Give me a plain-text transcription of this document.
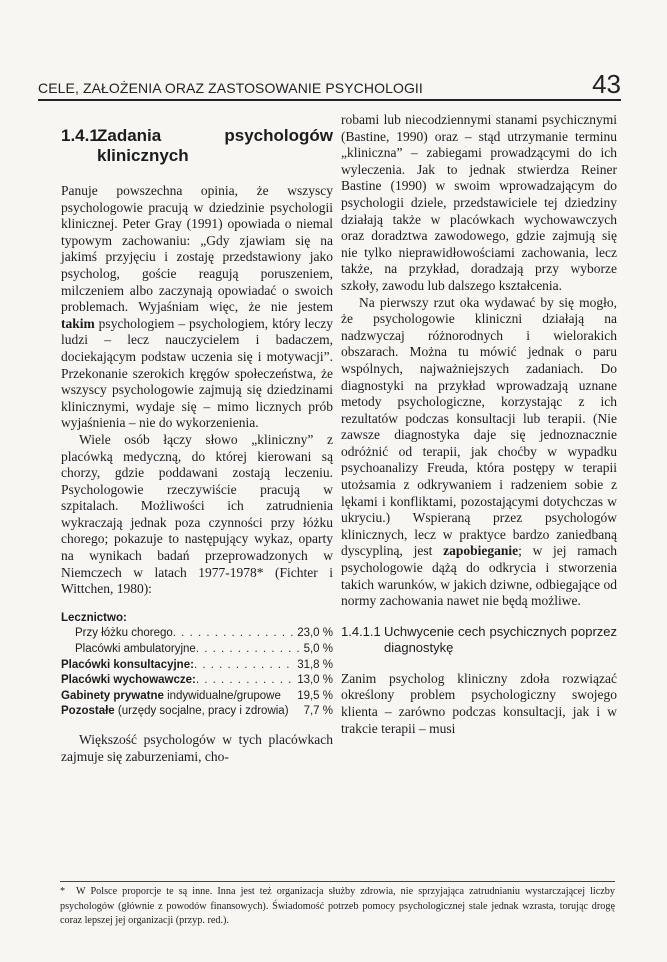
CELE, ZAŁOŻENIA ORAZ ZASTOSOWANIE PSYCHOLOGII	43
1.4.1
Zadania psychologów klinicznych

Panuje powszechna opinia, że wszyscy psychologowie pracują w dziedzinie psychologii klinicznej. Peter Gray (1991) opowiada o niemal typowym zachowaniu: „Gdy zjawiam się na jakimś przyjęciu i zostaję przedstawiony jako psycholog, goście reagują poruszeniem, milczeniem albo zaczynają opowiadać o swoich problemach. Wyjaśniam więc, że nie jestem takim psychologiem – psychologiem, który leczy ludzi – lecz nauczycielem i badaczem, dociekającym podstaw uczenia się i motywacji”. Przekonanie szerokich kręgów społeczeństwa, że wszyscy psychologowie zajmują się dziedzinami klinicznymi, wydaje się – mimo licznych prób wyjaśnienia – nie do wykorzenienia.

Wiele osób łączy słowo „kliniczny” z placówką medyczną, do której kierowani są chorzy, gdzie poddawani zostają leczeniu. Psychologowie rzeczywiście pracują w szpitalach. Możliwości ich zatrudnienia wykraczają jednak poza czynności przy łóżku chorego; pokazuje to następujący wykaz, oparty na wynikach badań przeprowadzonych w Niemczech w latach 1977-1978* (Fichter i Wittchen, 1980):

Lecznictwo:
Przy łóżku chorego . . .	23,0 %
Placówki ambulatoryjne . . .	5,0 %
Placówki konsultacyjne: . . .	31,8 %
Placówki wychowawcze: . . .	13,0 %
Gabinety prywatne indywidualne/grupowe	19,5 %
Pozostałe (urzędy socjalne, pracy i zdrowia)	7,7 %

Większość psychologów w tych placówkach zajmuje się zaburzeniami, cho-

robami lub niecodziennymi stanami psychicznymi (Bastine, 1990) oraz – stąd utrzymanie terminu „kliniczna” – zabiegami prowadzącymi do ich wyleczenia. Jak to jednak stwierdza Reiner Bastine (1990) w swoim wprowadzającym do psychologii dziele, przedstawiciele tej dziedziny działają także w placówkach wychowawczych oraz doradztwa zawodowego, gdzie zajmują się nie tylko nieprawidłowościami zachowania, lecz także, na przykład, doradzają przy wyborze szkoły, zawodu lub dalszego kształcenia.

Na pierwszy rzut oka wydawać by się mogło, że psychologowie kliniczni działają na nadzwyczaj różnorodnych i wielorakich obszarach. Można tu mówić jednak o paru wspólnych, najważniejszych zadaniach. Do diagnostyki na przykład wprowadzają uznane metody psychologiczne, korzystając z ich rezultatów podczas konsultacji lub terapii. (Nie zawsze diagnostyka daje się jednoznacznie odróżnić od terapii, jak choćby w wypadku psychoanalizy Freuda, która postępy w terapii utożsamia z odkrywaniem i radzeniem sobie z lękami i konfliktami, pozostającymi dotychczas w ukryciu.) Wspieraną przez psychologów klinicznych, lecz w praktyce bardzo zaniedbaną dyscypliną, jest zapobieganie; w jej ramach psychologowie dążą do odkrycia i stworzenia takich warunków, w jakich dziwne, odbiegające od normy zachowania nawet nie będą możliwe.

1.4.1.1 Uchwycenie cech psychicznych poprzez diagnostykę

Zanim psycholog kliniczny zdoła rozwiązać określony problem psychologiczny swojego klienta – zarówno podczas konsultacji, jak i w trakcie terapii – musi

* W Polsce proporcje te są inne. Inna jest też organizacja służby zdrowia, nie sprzyjająca zatrudnianiu wystarczającej liczby psychologów (głównie z powodów finansowych). Świadomość potrzeb pomocy psychologicznej stale jednak wzrasta, torując drogę coraz lepszej jej organizacji (przyp. red.).
